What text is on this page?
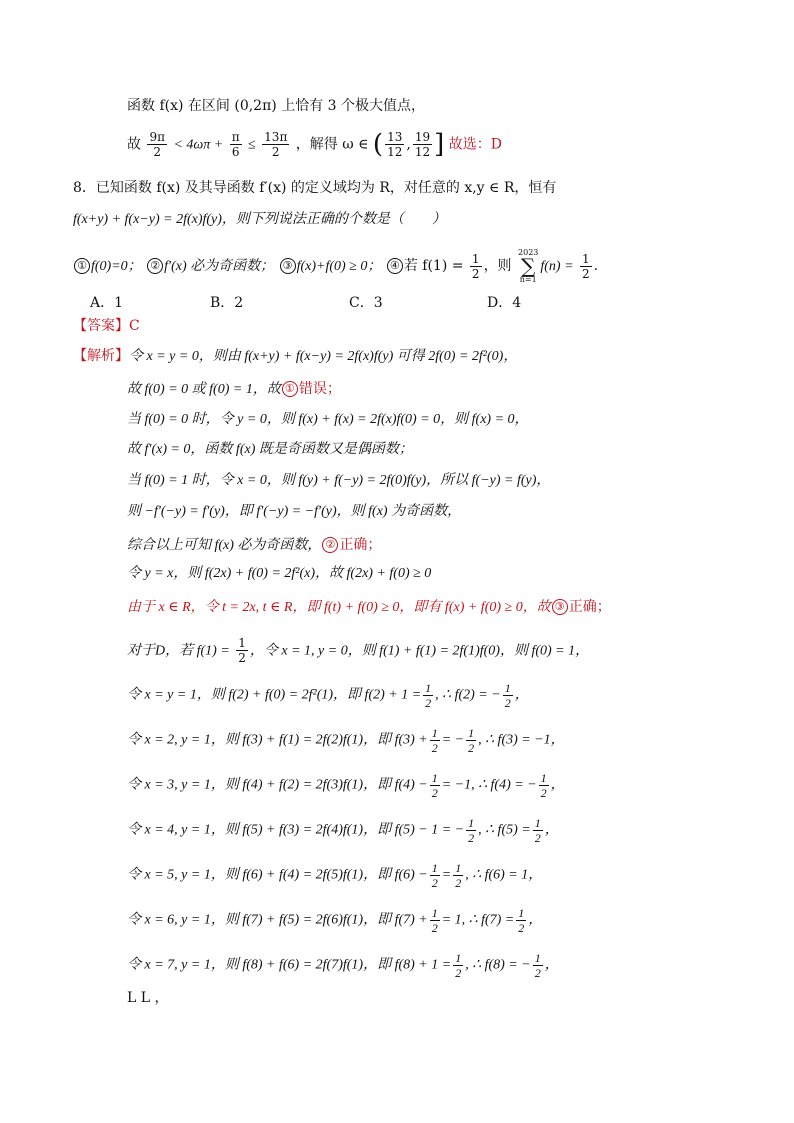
函数 f(x) 在区间 (0,2π) 上恰有 3 个极大值点，
故 $\frac{9\pi}{2} < 4\omega\pi + \frac{\pi}{6} \le \frac{13\pi}{2}$ ，解得 ω ∈ ( $\frac{13}{12}$ , $\frac{19}{12}$ ] 故选：D
8．已知函数 f(x) 及其导函数 f′(x) 的定义域均为 R，对任意的 x,y ∈ R，恒有
f(x+y) + f(x−y) = 2f(x)f(y)，则下列说法正确的个数是（　　）
① f(0)=0； ② f′(x) 必为奇函数； ③ f(x)+f(0) ≥ 0； ④ 若 $f(1) = \frac{1}{2}$ ，则 2023
∑
$n=1f(n) = \frac{1}{2}$ .
A．1	B．2	C．3	D．4
【答案】C
【解析】令 x = y = 0，则由 f(x+y) + f(x−y) = 2f(x)f(y) 可得 2f(0) = 2f²(0)，
故 f(0) = 0 或 f(0) = 1，故 ① 错误；
当 f(0) = 0 时，令 y = 0，则 f(x) + f(x) = 2f(x)f(0) = 0，则 f(x) = 0，
故 f′(x) = 0，函数 f(x) 既是奇函数又是偶函数；
当 f(0) = 1 时，令 x = 0，则 f(y) + f(−y) = 2f(0)f(y)，所以 f(−y) = f(y)，
则 −f′(−y) = f′(y)，即 f′(−y) = −f′(y)，则 f(x) 为奇函数，
综合以上可知 f(x) 必为奇函数， ② 正确；
令 y = x，则 f(2x) + f(0) = 2f²(x)，故 f(2x) + f(0) ≥ 0
由于 x ∈ R，令 t = 2x, t ∈ R，即 f(t) + f(0) ≥ 0，即有 f(x) + f(0) ≥ 0，故 ③ 正确；
对于D，若 $f(1) = \frac{1}{2}$ ，令 x = 1, y = 0，则 f(1) + f(1) = 2f(1)f(0)，则 f(0) = 1，
令 x = y = 1，则 f(2) + f(0) = 2f²(1)，即 $f(2) + 1 = \frac{1}{2}$ , ∴ f(2) = − $\frac{1}{2}$ ，
令 x = 2, y = 1，则 f(3) + f(1) = 2f(2)f(1)，即 $f(3) + \frac{1}{2}$ = − $\frac{1}{2}$ , ∴ f(3) = −1，
令 x = 3, y = 1，则 f(4) + f(2) = 2f(3)f(1)，即 $f(4) - \frac{1}{2} = -1$, ∴ f(4) = − $\frac{1}{2}$ ，
令 x = 4, y = 1，则 f(5) + f(3) = 2f(4)f(1)，即 f(5) − 1 = − $\frac{1}{2}$ , ∴ $f(5) = \frac{1}{2}$ ，
令 x = 5, y = 1，则 f(6) + f(4) = 2f(5)f(1)，即 $f(6) - \frac{1}{2} = \frac{1}{2}$ , ∴ f(6) = 1，
令 x = 6, y = 1，则 f(7) + f(5) = 2f(6)f(1)，即 $f(7) + \frac{1}{2} = 1$, ∴ $f(7) = \frac{1}{2}$ ，
令 x = 7, y = 1，则 f(8) + f(6) = 2f(7)f(1)，即 $f(8) + 1 = \frac{1}{2}$ , ∴ f(8) = − $\frac{1}{2}$ ，
L L ，
